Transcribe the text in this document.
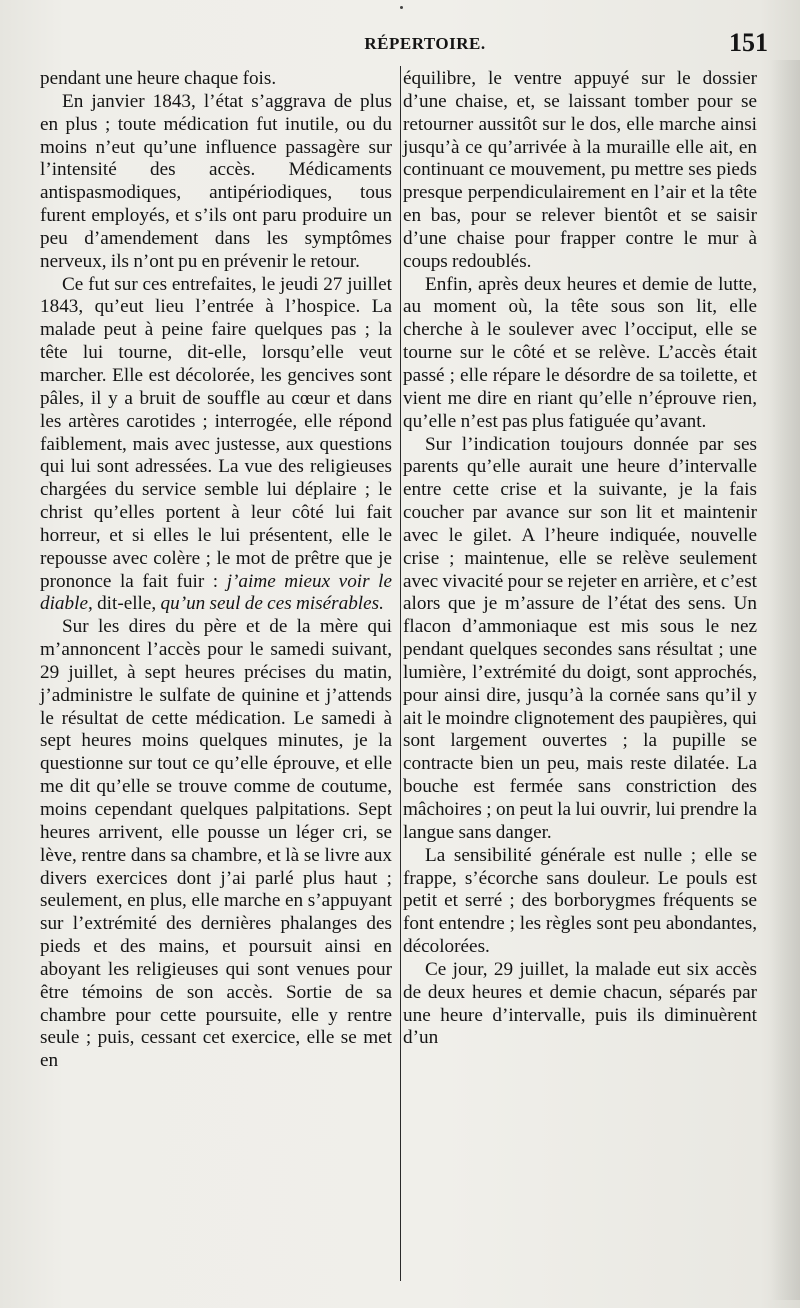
RÉPERTOIRE.	151

pendant une heure chaque fois.

En janvier 1843, l’état s’aggrava de plus en plus ; toute médication fut inutile, ou du moins n’eut qu’une influence passagère sur l’intensité des accès. Médicaments antispasmodiques, antipériodiques, tous furent employés, et s’ils ont paru produire un peu d’amendement dans les symptômes nerveux, ils n’ont pu en prévenir le retour.

Ce fut sur ces entrefaites, le jeudi 27 juillet 1843, qu’eut lieu l’entrée à l’hospice. La malade peut à peine faire quelques pas ; la tête lui tourne, dit-elle, lorsqu’elle veut marcher. Elle est décolorée, les gencives sont pâles, il y a bruit de souffle au cœur et dans les artères carotides ; interrogée, elle répond faiblement, mais avec justesse, aux questions qui lui sont adressées. La vue des religieuses chargées du service semble lui déplaire ; le christ qu’elles portent à leur côté lui fait horreur, et si elles le lui présentent, elle le repousse avec colère ; le mot de prêtre que je prononce la fait fuir : j’aime mieux voir le diable, dit-elle, qu’un seul de ces misérables.

Sur les dires du père et de la mère qui m’annoncent l’accès pour le samedi suivant, 29 juillet, à sept heures précises du matin, j’administre le sulfate de quinine et j’attends le résultat de cette médication. Le samedi à sept heures moins quelques minutes, je la questionne sur tout ce qu’elle éprouve, et elle me dit qu’elle se trouve comme de coutume, moins cependant quelques palpitations. Sept heures arrivent, elle pousse un léger cri, se lève, rentre dans sa chambre, et là se livre aux divers exercices dont j’ai parlé plus haut ; seulement, en plus, elle marche en s’appuyant sur l’extrémité des dernières phalanges des pieds et des mains, et poursuit ainsi en aboyant les religieuses qui sont venues pour être témoins de son accès. Sortie de sa chambre pour cette poursuite, elle y rentre seule ; puis, cessant cet exercice, elle se met en

équilibre, le ventre appuyé sur le dossier d’une chaise, et, se laissant tomber pour se retourner aussitôt sur le dos, elle marche ainsi jusqu’à ce qu’arrivée à la muraille elle ait, en continuant ce mouvement, pu mettre ses pieds presque perpendiculairement en l’air et la tête en bas, pour se relever bientôt et se saisir d’une chaise pour frapper contre le mur à coups redoublés.

Enfin, après deux heures et demie de lutte, au moment où, la tête sous son lit, elle cherche à le soulever avec l’occiput, elle se tourne sur le côté et se relève. L’accès était passé ; elle répare le désordre de sa toilette, et vient me dire en riant qu’elle n’éprouve rien, qu’elle n’est pas plus fatiguée qu’avant.

Sur l’indication toujours donnée par ses parents qu’elle aurait une heure d’intervalle entre cette crise et la suivante, je la fais coucher par avance sur son lit et maintenir avec le gilet. A l’heure indiquée, nouvelle crise ; maintenue, elle se relève seulement avec vivacité pour se rejeter en arrière, et c’est alors que je m’assure de l’état des sens. Un flacon d’ammoniaque est mis sous le nez pendant quelques secondes sans résultat ; une lumière, l’extrémité du doigt, sont approchés, pour ainsi dire, jusqu’à la cornée sans qu’il y ait le moindre clignotement des paupières, qui sont largement ouvertes ; la pupille se contracte bien un peu, mais reste dilatée. La bouche est fermée sans constriction des mâchoires ; on peut la lui ouvrir, lui prendre la langue sans danger.

La sensibilité générale est nulle ; elle se frappe, s’écorche sans douleur. Le pouls est petit et serré ; des borborygmes fréquents se font entendre ; les règles sont peu abondantes, décolorées.

Ce jour, 29 juillet, la malade eut six accès de deux heures et demie chacun, séparés par une heure d’intervalle, puis ils diminuèrent d’un
